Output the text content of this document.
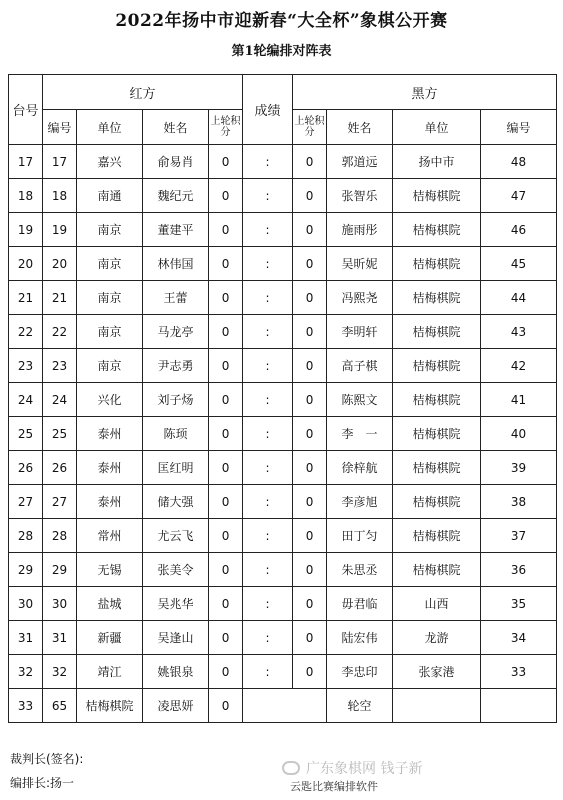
2022年扬中市迎新春“大全杯”象棋公开赛
第1轮编排对阵表
台号	红方				成绩	黑方			
	编号	单位	姓名	上轮积分		上轮积分	姓名	单位	编号
17	17	嘉兴	俞易肖	0	:	0	郭道远	扬中市	48
18	18	南通	魏纪元	0	:	0	张智乐	桔梅棋院	47
19	19	南京	董建平	0	:	0	施雨彤	桔梅棋院	46
20	20	南京	林伟国	0	:	0	吴昕妮	桔梅棋院	45
21	21	南京	王蕾	0	:	0	冯熙尧	桔梅棋院	44
22	22	南京	马龙亭	0	:	0	李明轩	桔梅棋院	43
23	23	南京	尹志勇	0	:	0	高子棋	桔梅棋院	42
24	24	兴化	刘子炀	0	:	0	陈熙文	桔梅棋院	41
25	25	泰州	陈顼	0	:	0	李　一	桔梅棋院	40
26	26	泰州	匡红明	0	:	0	徐梓航	桔梅棋院	39
27	27	泰州	储大强	0	:	0	李彦旭	桔梅棋院	38
28	28	常州	尤云飞	0	:	0	田丁匀	桔梅棋院	37
29	29	无锡	张美令	0	:	0	朱思丞	桔梅棋院	36
30	30	盐城	吴兆华	0	:	0	毋君临	山西	35
31	31	新疆	吴逢山	0	:	0	陆宏伟	龙游	34
32	32	靖江	姚银泉	0	:	0	李忠印	张家港	33
33	65	桔梅棋院	凌思妍	0			轮空		
裁判长(签名):
编排长:扬一
广东象棋网 钱子新
云匙比赛编排软件
